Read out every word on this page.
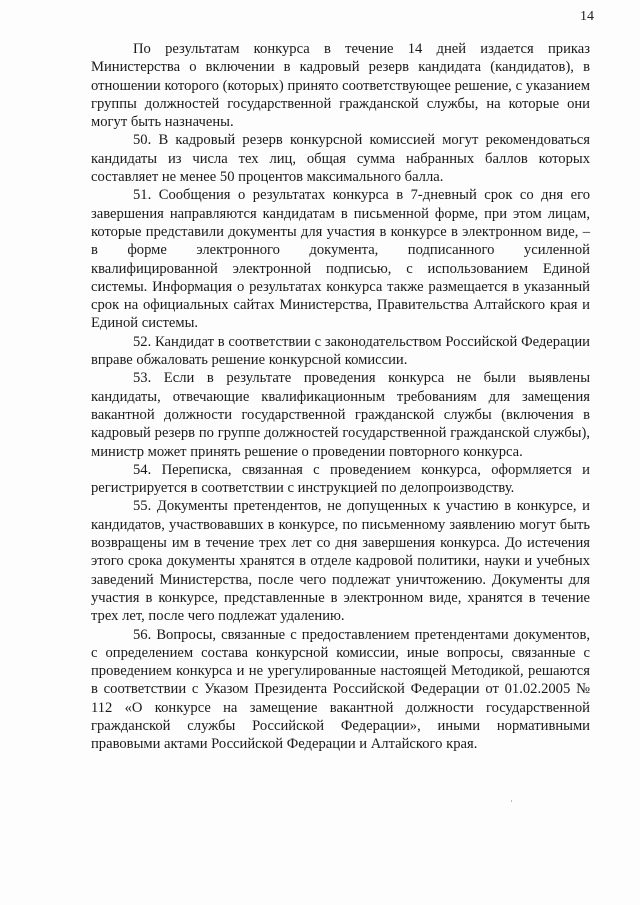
14

По результатам конкурса в течение 14 дней издается приказ Министерства о включении в кадровый резерв кандидата (кандидатов), в отношении которого (которых) принято соответствующее решение, с указанием группы должностей государственной гражданской службы, на которые они могут быть назначены.

50. В кадровый резерв конкурсной комиссией могут рекомендоваться кандидаты из числа тех лиц, общая сумма набранных баллов которых составляет не менее 50 процентов максимального балла.

51. Сообщения о результатах конкурса в 7-дневный срок со дня его завершения направляются кандидатам в письменной форме, при этом лицам, которые представили документы для участия в конкурсе в электронном виде, – в форме электронного документа, подписанного усиленной квалифицированной электронной подписью, с использованием Единой системы. Информация о результатах конкурса также размещается в указанный срок на официальных сайтах Министерства, Правительства Алтайского края и Единой системы.

52. Кандидат в соответствии с законодательством Российской Федерации вправе обжаловать решение конкурсной комиссии.

53. Если в результате проведения конкурса не были выявлены кандидаты, отвечающие квалификационным требованиям для замещения вакантной должности государственной гражданской службы (включения в кадровый резерв по группе должностей государственной гражданской службы), министр может принять решение о проведении повторного конкурса.

54. Переписка, связанная с проведением конкурса, оформляется и регистрируется в соответствии с инструкцией по делопроизводству.

55. Документы претендентов, не допущенных к участию в конкурсе, и кандидатов, участвовавших в конкурсе, по письменному заявлению могут быть возвращены им в течение трех лет со дня завершения конкурса. До истечения этого срока документы хранятся в отделе кадровой политики, науки и учебных заведений Министерства, после чего подлежат уничтожению. Документы для участия в конкурсе, представленные в электронном виде, хранятся в течение трех лет, после чего подлежат удалению.

56. Вопросы, связанные с предоставлением претендентами документов, с определением состава конкурсной комиссии, иные вопросы, связанные с проведением конкурса и не урегулированные настоящей Методикой, решаются в соответствии с Указом Президента Российской Федерации от 01.02.2005 № 112 «О конкурсе на замещение вакантной должности государственной гражданской службы Российской Федерации», иными нормативными правовыми актами Российской Федерации и Алтайского края.
